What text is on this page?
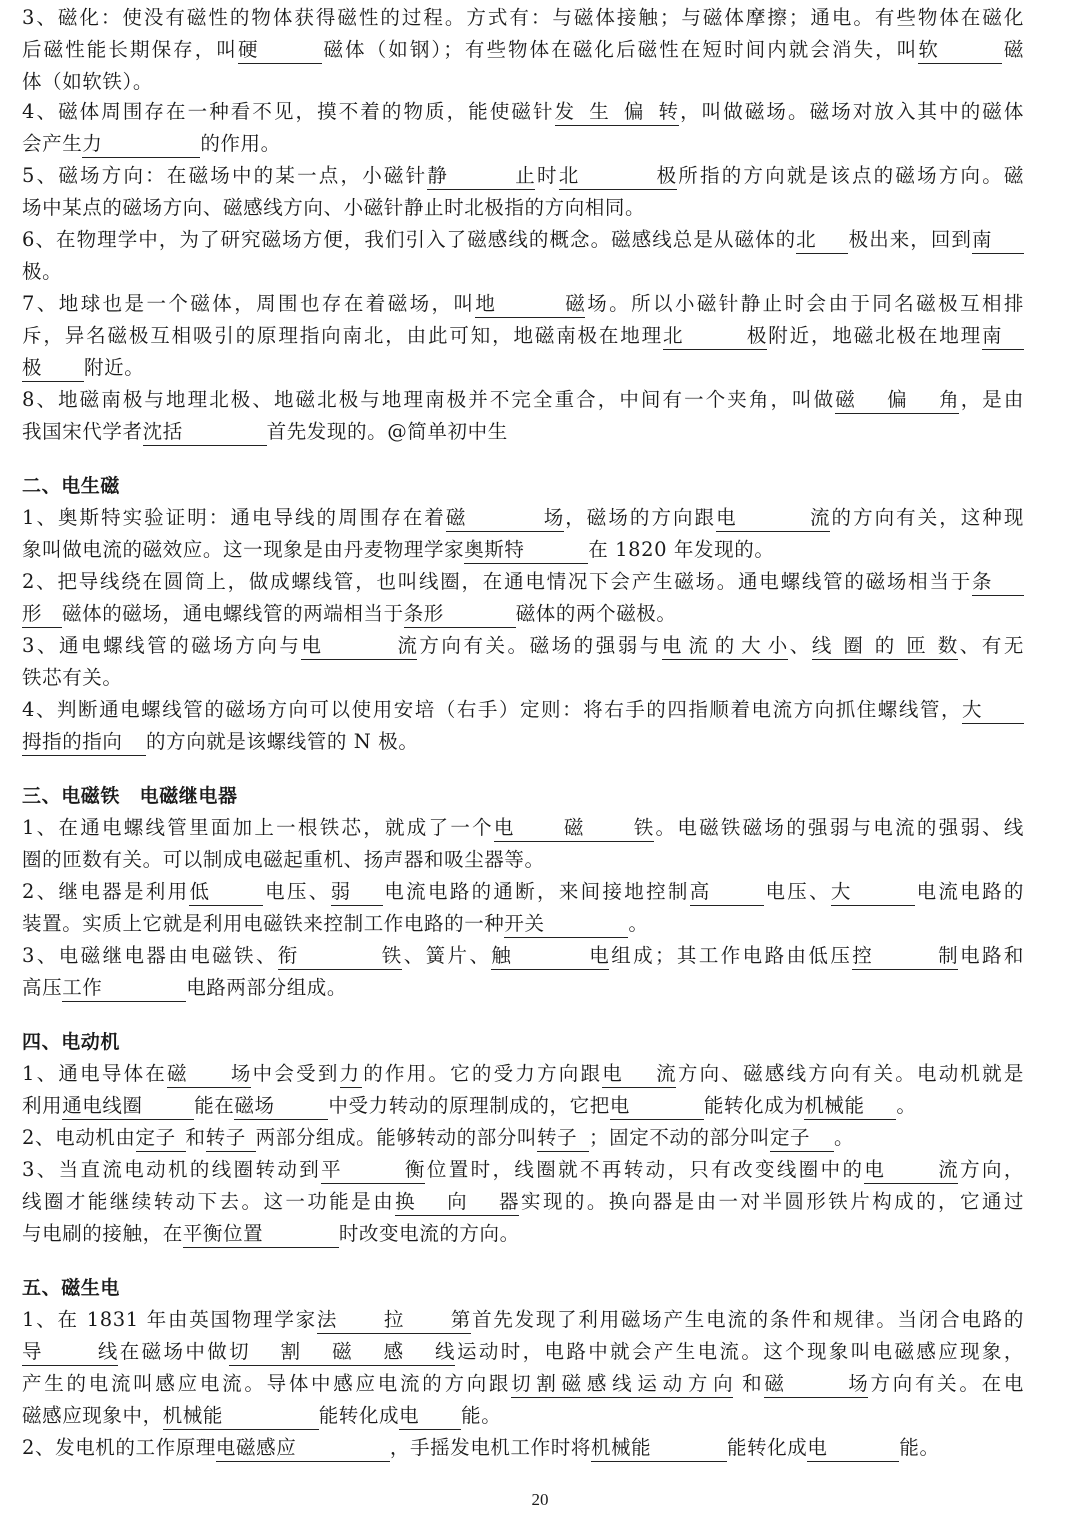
3、磁化：使没有磁性的物体获得磁性的过程。方式有：与磁体接触；与磁体摩擦；通电。有些物体在磁化
后磁性能长期保存，叫硬	磁体（如钢）；有些物体在磁化后磁性在短时间内就会消失，叫软	磁
体（如软铁）。
4、磁体周围存在一种看不见，摸不着的物质，能使磁针发生偏转，叫做磁场。磁场对放入其中的磁体
会产生力	的作用。
5、磁场方向：在磁场中的某一点，小磁针静止时北极所指的方向就是该点的磁场方向。磁
场中某点的磁场方向、磁感线方向、小磁针静止时北极指的方向相同。
6、在物理学中，为了研究磁场方便，我们引入了磁感线的概念。磁感线总是从磁体的北 极出来，回到南
极。
7、地球也是一个磁体，周围也存在着磁场，叫地磁场。所以小磁针静止时会由于同名磁极互相排
斥，异名磁极互相吸引的原理指向南北，由此可知，地磁南极在地理北极附近，地磁北极在地理南
极 附近。
8、地磁南极与地理北极、地磁北极与地理南极并不完全重合，中间有一个夹角，叫做磁偏角，是由
我国宋代学者沈括	首先发现的。@简单初中生
二、电生磁
1、奥斯特实验证明：通电导线的周围存在着磁场，磁场的方向跟电流的方向有关，这种现
象叫做电流的磁效应。这一现象是由丹麦物理学家奥斯特	在 1820 年发现的。
2、把导线绕在圆筒上，做成螺线管，也叫线圈，在通电情况下会产生磁场。通电螺线管的磁场相当于条
形 磁体的磁场，通电螺线管的两端相当于条形	磁体的两个磁极。
3、通电螺线管的磁场方向与电流方向有关。磁场的强弱与电流的大小、线圈的匝数、有无
铁芯有关。
4、判断通电螺线管的磁场方向可以使用安培（右手）定则：将右手的四指顺着电流方向抓住螺线管，大
拇指的指向 的方向就是该螺线管的 N 极。
三、电磁铁　电磁继电器
1、在通电螺线管里面加上一根铁芯，就成了一个电磁铁。电磁铁磁场的强弱与电流的强弱、线
圈的匝数有关。可以制成电磁起重机、扬声器和吸尘器等。
2、继电器是利用低	电压、弱 电流电路的通断，来间接地控制高	电压、大	电流电路的
装置。实质上它就是利用电磁铁来控制工作电路的一种开关	。
3、电磁继电器由电磁铁、衔铁、簧片、触电组成；其工作电路由低压控制电路和
高压工作	电路两部分组成。
四、电动机
1、通电导体在磁场中会受到力的作用。它的受力方向跟电流方向、磁感线方向有关。电动机就是
利用通电线圈	能在磁场	中受力转动的原理制成的，它把电	能转化成为机械能 。
2、电动机由定子 和转子 两部分组成。能够转动的部分叫转子 ；固定不动的部分叫定子 。
3、当直流电动机的线圈转动到平衡位置时，线圈就不再转动，只有改变线圈中的电流方向，
线圈才能继续转动下去。这一功能是由换向器实现的。换向器是由一对半圆形铁片构成的，它通过
与电刷的接触，在平衡位置	时改变电流的方向。
五、磁生电
1、在 1831 年由英国物理学家法拉第首先发现了利用磁场产生电流的条件和规律。当闭合电路的
导线在磁场中做切割磁感线运动时，电路中就会产生电流。这个现象叫电磁感应现象，
产生的电流叫感应电流。导体中感应电流的方向跟切割磁感线运动方向 和磁场方向有关。在电
磁感应现象中，机械能	能转化成电 能。
2、发电机的工作原理电磁感应	，手摇发电机工作时将机械能	能转化成电	能。
20
